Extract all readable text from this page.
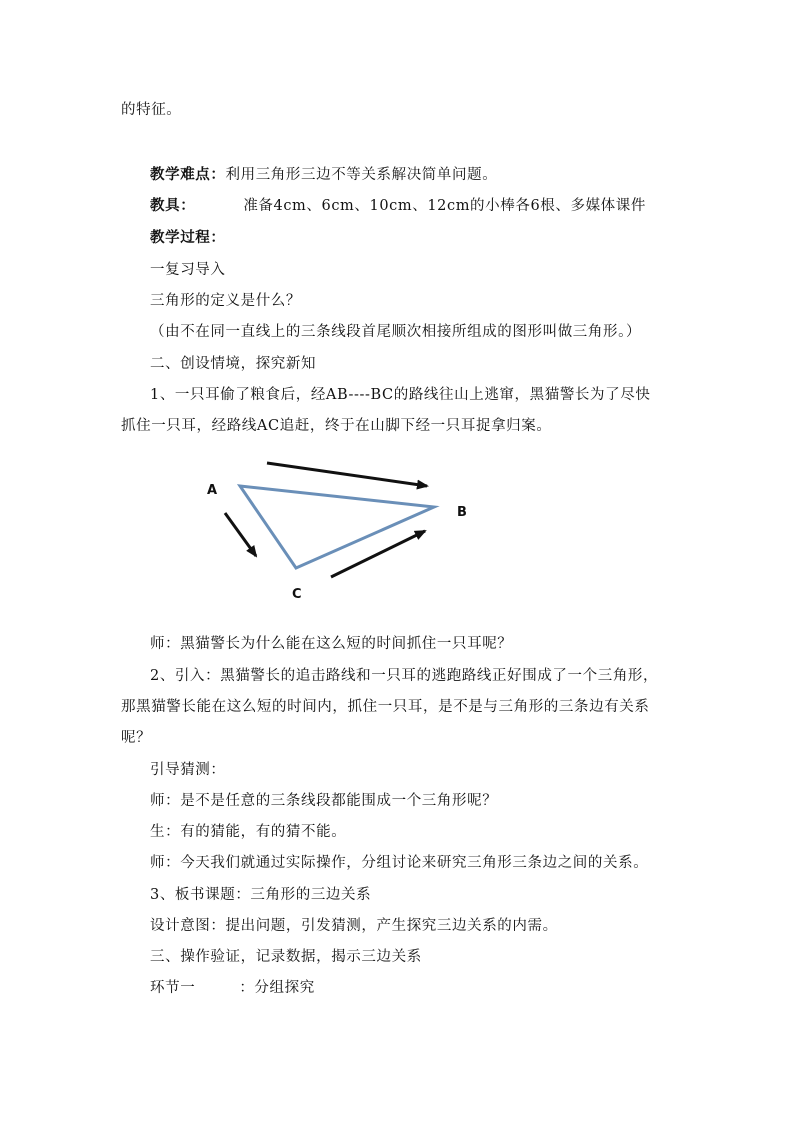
的特征。
教学难点：利用三角形三边不等关系解决简单问题。
教具：	准备4cm、6cm、10cm、12cm的小棒各6根、多媒体课件
教学过程：
一复习导入
三角形的定义是什么？
（由不在同一直线上的三条线段首尾顺次相接所组成的图形叫做三角形。）
二、创设情境，探究新知
1、一只耳偷了粮食后，经AB----BC的路线往山上逃窜，黑猫警长为了尽快
抓住一只耳，经路线AC追赶，终于在山脚下经一只耳捉拿归案。
A
B
C
师：黑猫警长为什么能在这么短的时间抓住一只耳呢？
2、引入：黑猫警长的追击路线和一只耳的逃跑路线正好围成了一个三角形，
那黑猫警长能在这么短的时间内，抓住一只耳，是不是与三角形的三条边有关系
呢？
引导猜测：
师：是不是任意的三条线段都能围成一个三角形呢？
生：有的猜能，有的猜不能。
师：今天我们就通过实际操作，分组讨论来研究三角形三条边之间的关系。
3、板书课题：三角形的三边关系
设计意图：提出问题，引发猜测，产生探究三边关系的内需。
三、操作验证，记录数据，揭示三边关系
环节一	：分组探究
